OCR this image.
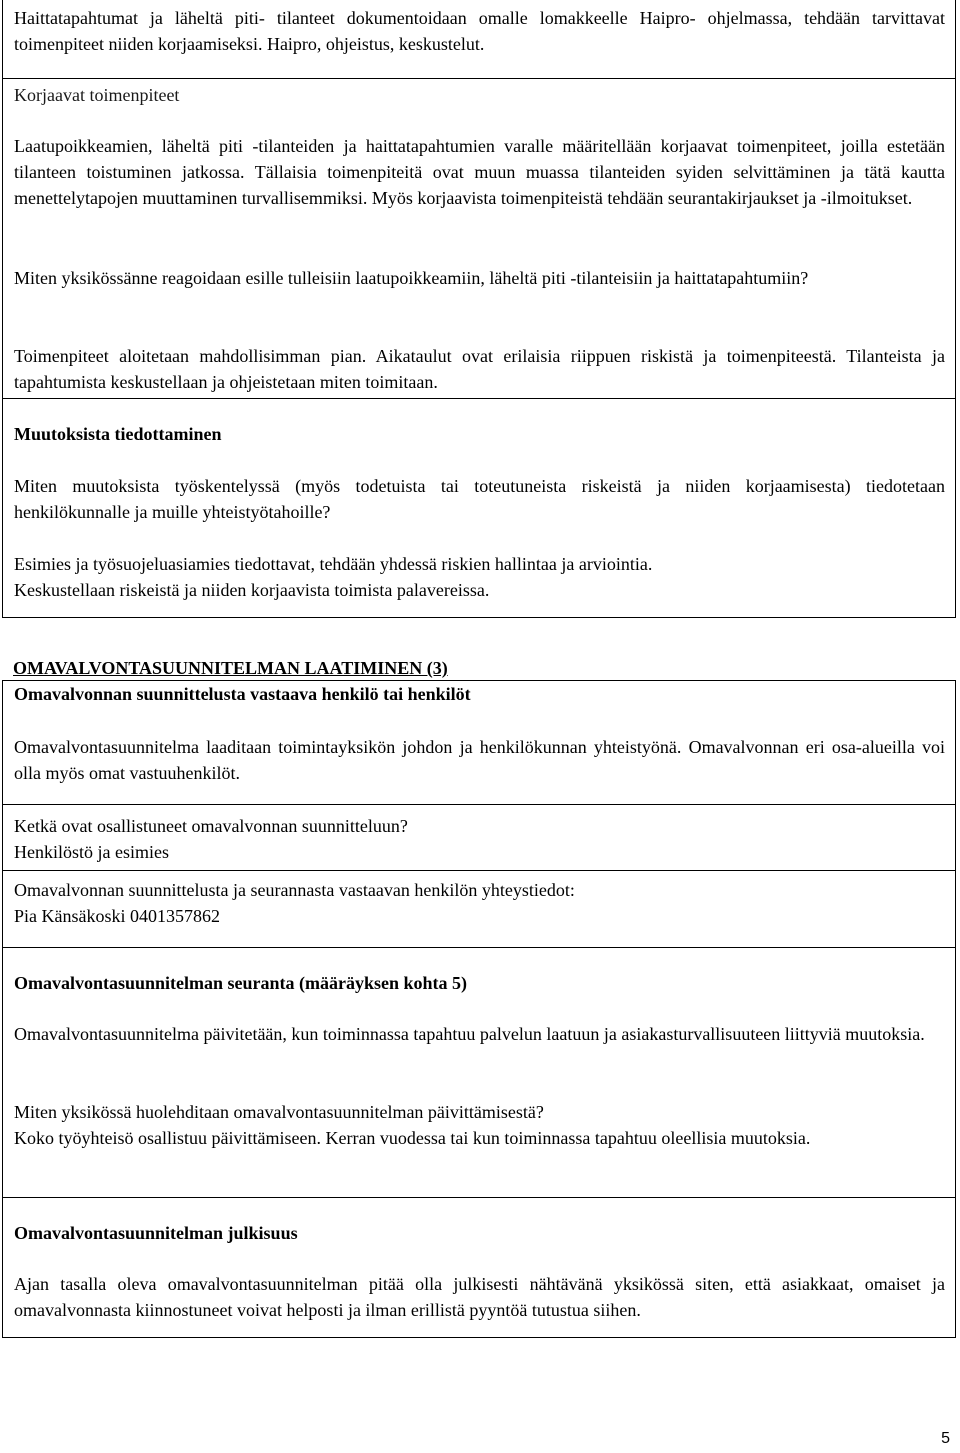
Haittatapahtumat ja läheltä piti- tilanteet dokumentoidaan omalle lomakkeelle Haipro- ohjelmassa, tehdään tarvittavat toimenpiteet niiden korjaamiseksi. Haipro, ohjeistus, keskustelut.

Korjaavat toimenpiteet

Laatupoikkeamien, läheltä piti -tilanteiden ja haittatapahtumien varalle määritellään korjaavat toimenpiteet, joilla estetään tilanteen toistuminen jatkossa. Tällaisia toimenpiteitä ovat muun muassa tilanteiden syiden selvittäminen ja tätä kautta menettelytapojen muuttaminen turvallisemmiksi. Myös korjaavista toimenpiteistä tehdään seurantakirjaukset ja -ilmoitukset.

Miten yksikössänne reagoidaan esille tulleisiin laatupoikkeamiin, läheltä piti -tilanteisiin ja haittatapahtumiin?

Toimenpiteet aloitetaan mahdollisimman pian. Aikataulut ovat erilaisia riippuen riskistä ja toimenpiteestä. Tilanteista ja tapahtumista keskustellaan ja ohjeistetaan miten toimitaan.

Muutoksista tiedottaminen

Miten muutoksista työskentelyssä (myös todetuista tai toteutuneista riskeistä ja niiden korjaamisesta) tiedotetaan henkilökunnalle ja muille yhteistyötahoille?

Esimies ja työsuojeluasiamies tiedottavat, tehdään yhdessä riskien hallintaa ja arviointia.

Keskustellaan riskeistä ja niiden korjaavista toimista palavereissa.

OMAVALVONTASUUNNITELMAN LAATIMINEN (3)

Omavalvonnan suunnittelusta vastaava henkilö tai henkilöt

Omavalvontasuunnitelma laaditaan toimintayksikön johdon ja henkilökunnan yhteistyönä. Omavalvonnan eri osa-alueilla voi olla myös omat vastuuhenkilöt.

Ketkä ovat osallistuneet omavalvonnan suunnitteluun?

Henkilöstö ja esimies

Omavalvonnan suunnittelusta ja seurannasta vastaavan henkilön yhteystiedot:

Pia Känsäkoski 0401357862

Omavalvontasuunnitelman seuranta (määräyksen kohta 5)

Omavalvontasuunnitelma päivitetään, kun toiminnassa tapahtuu palvelun laatuun ja asiakasturvallisuuteen liittyviä muutoksia.

Miten yksikössä huolehditaan omavalvontasuunnitelman päivittämisestä?

Koko työyhteisö osallistuu päivittämiseen. Kerran vuodessa tai kun toiminnassa tapahtuu oleellisia muutoksia.

Omavalvontasuunnitelman julkisuus

Ajan tasalla oleva omavalvontasuunnitelman pitää olla julkisesti nähtävänä yksikössä siten, että asiakkaat, omaiset ja omavalvonnasta kiinnostuneet voivat helposti ja ilman erillistä pyyntöä tutustua siihen.

5
